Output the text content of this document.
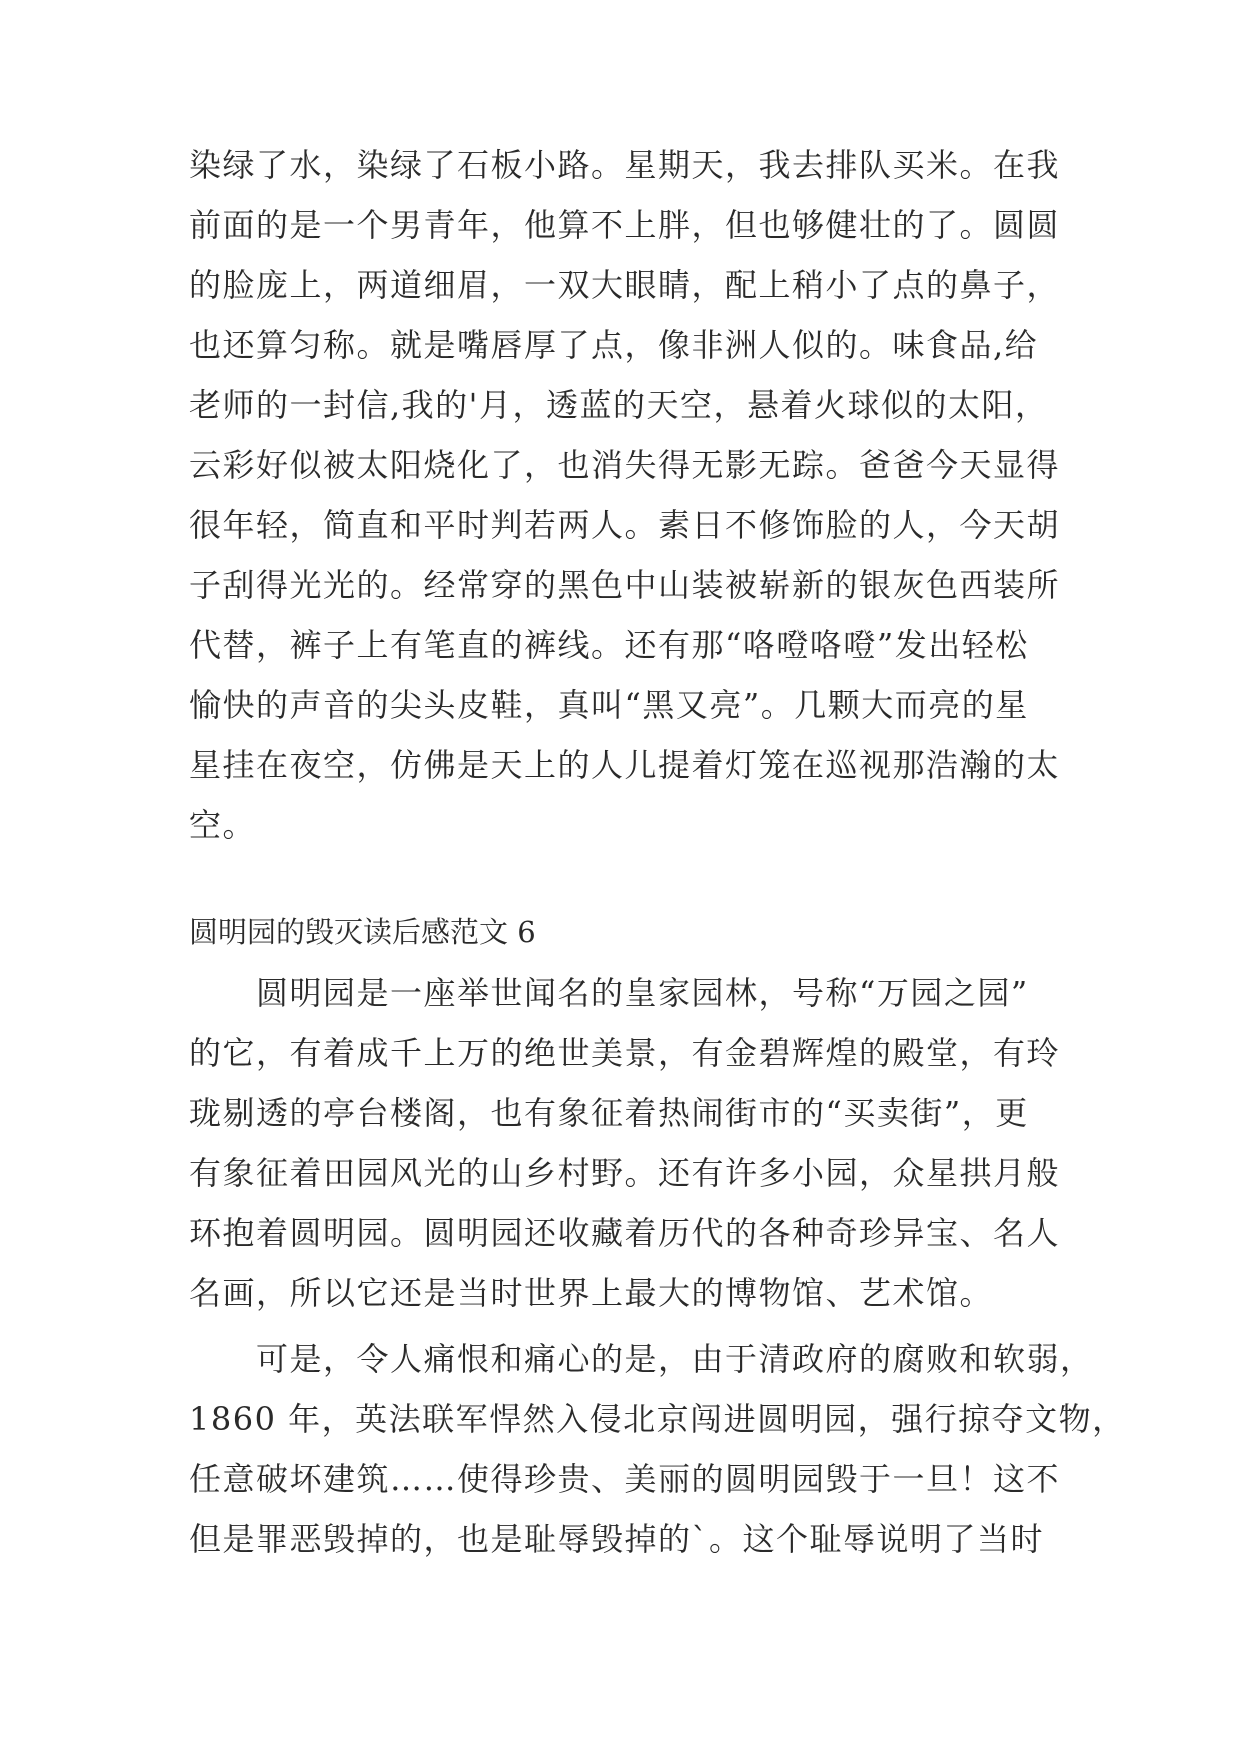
染绿了水，染绿了石板小路。星期天，我去排队买米。在我
前面的是一个男青年，他算不上胖，但也够健壮的了。圆圆
的脸庞上，两道细眉，一双大眼睛，配上稍小了点的鼻子，
也还算匀称。就是嘴唇厚了点，像非洲人似的。味食品,给
老师的一封信,我的'月，透蓝的天空，悬着火球似的太阳，
云彩好似被太阳烧化了，也消失得无影无踪。爸爸今天显得
很年轻，简直和平时判若两人。素日不修饰脸的人，今天胡
子刮得光光的。经常穿的黑色中山装被崭新的银灰色西装所
代替，裤子上有笔直的裤线。还有那“咯噔咯噔”发出轻松
愉快的声音的尖头皮鞋，真叫“黑又亮”。几颗大而亮的星
星挂在夜空，仿佛是天上的人儿提着灯笼在巡视那浩瀚的太
空。
圆明园的毁灭读后感范文 6
　　圆明园是一座举世闻名的皇家园林，号称“万园之园”
的它，有着成千上万的绝世美景，有金碧辉煌的殿堂，有玲
珑剔透的亭台楼阁，也有象征着热闹街市的“买卖街”，更
有象征着田园风光的山乡村野。还有许多小园，众星拱月般
环抱着圆明园。圆明园还收藏着历代的各种奇珍异宝、名人
名画，所以它还是当时世界上最大的博物馆、艺术馆。
　　可是，令人痛恨和痛心的是，由于清政府的腐败和软弱，
1860 年，英法联军悍然入侵北京闯进圆明园，强行掠夺文物，
任意破坏建筑……使得珍贵、美丽的圆明园毁于一旦！这不
但是罪恶毁掉的，也是耻辱毁掉的`。这个耻辱说明了当时
